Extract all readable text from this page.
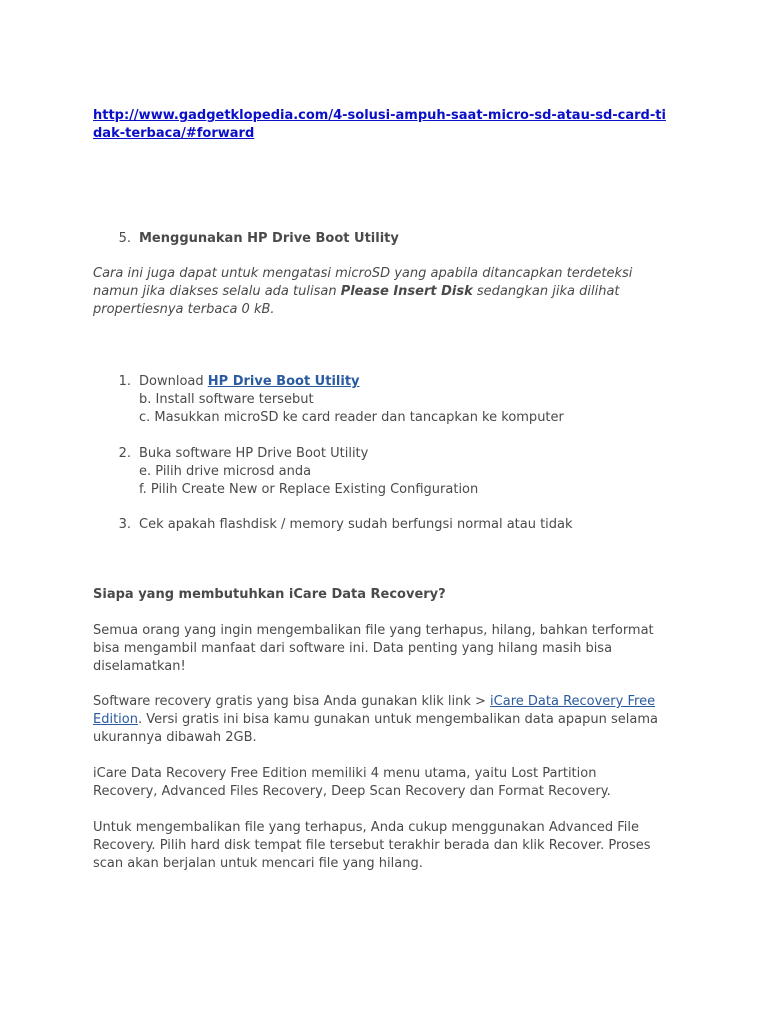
http://www.gadgetklopedia.com/4-solusi-ampuh-saat-micro-sd-atau-sd-card-tidak-terbaca/#forward
5. Menggunakan HP Drive Boot Utility

Cara ini juga dapat untuk mengatasi microSD yang apabila ditancapkan terdeteksi namun jika diakses selalu ada tulisan Please Insert Disk sedangkan jika dilihat propertiesnya terbaca 0 kB.

1. Download HP Drive Boot Utility
b. Install software tersebut
c. Masukkan microSD ke card reader dan tancapkan ke komputer
2. Buka software HP Drive Boot Utility
e. Pilih drive microsd anda
f. Pilih Create New or Replace Existing Configuration
3. Cek apakah flashdisk / memory sudah berfungsi normal atau tidak

Siapa yang membutuhkan iCare Data Recovery?

Semua orang yang ingin mengembalikan file yang terhapus, hilang, bahkan terformat bisa mengambil manfaat dari software ini. Data penting yang hilang masih bisa diselamatkan!

Software recovery gratis yang bisa Anda gunakan klik link > iCare Data Recovery Free Edition. Versi gratis ini bisa kamu gunakan untuk mengembalikan data apapun selama ukurannya dibawah 2GB.

iCare Data Recovery Free Edition memiliki 4 menu utama, yaitu Lost Partition Recovery, Advanced Files Recovery, Deep Scan Recovery dan Format Recovery.

Untuk mengembalikan file yang terhapus, Anda cukup menggunakan Advanced File Recovery. Pilih hard disk tempat file tersebut terakhir berada dan klik Recover. Proses scan akan berjalan untuk mencari file yang hilang.
